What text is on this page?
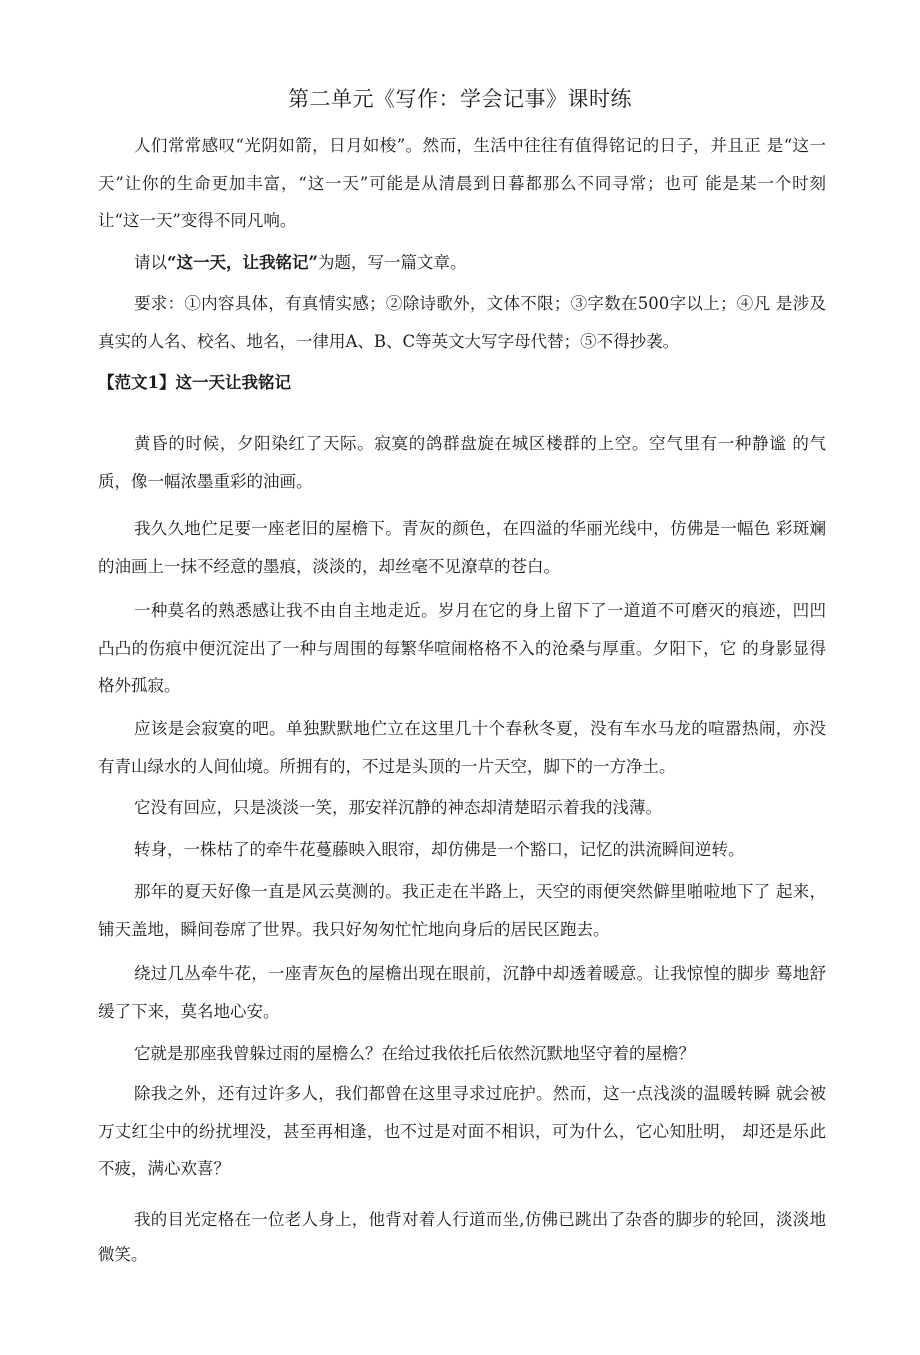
第二单元《写作：学会记事》课时练

人们常常感叹“光阴如箭，日月如梭”。然而，生活中往往有值得铭记的日子，并且正 是“这一天”让你的生命更加丰富，“这一天”可能是从清晨到日暮都那么不同寻常；也可 能是某一个时刻让“这一天”变得不同凡响。

请以“这一天，让我铭记”为题，写一篇文章。

要求：①内容具体，有真情实感；②除诗歌外，文体不限；③字数在500字以上；④凡 是涉及真实的人名、校名、地名，一律用A、B、C等英文大写字母代替；⑤不得抄袭。

【范文1】这一天让我铭记

黄昏的时候，夕阳染红了天际。寂寞的鸽群盘旋在城区楼群的上空。空气里有一种静谧 的气质，像一幅浓墨重彩的油画。

我久久地伫足要一座老旧的屋檐下。青灰的颜色，在四溢的华丽光线中，仿佛是一幅色 彩斑斓的油画上一抹不经意的墨痕，淡淡的，却丝毫不见潦草的苍白。

一种莫名的熟悉感让我不由自主地走近。岁月在它的身上留下了一道道不可磨灭的痕迹，凹凹凸凸的伤痕中便沉淀出了一种与周围的每繁华喧闹格格不入的沧桑与厚重。夕阳下，它 的身影显得格外孤寂。

应该是会寂寞的吧。单独默默地伫立在这里几十个春秋冬夏，没有车水马龙的喧嚣热闹，亦没有青山绿水的人间仙境。所拥有的，不过是头顶的一片天空，脚下的一方净土。

它没有回应，只是淡淡一笑，那安祥沉静的神态却清楚昭示着我的浅薄。

转身，一株枯了的牵牛花蔓藤映入眼帘，却仿佛是一个豁口，记忆的洪流瞬间逆转。

那年的夏天好像一直是风云莫测的。我正走在半路上，天空的雨便突然僻里啪啦地下了 起来，铺天盖地，瞬间卷席了世界。我只好匆匆忙忙地向身后的居民区跑去。

绕过几丛牵牛花，一座青灰色的屋檐出现在眼前，沉静中却透着暖意。让我惊惶的脚步 蓦地舒缓了下来，莫名地心安。

它就是那座我曾躲过雨的屋檐么？在给过我依托后依然沉默地坚守着的屋檐？

除我之外，还有过许多人，我们都曾在这里寻求过庇护。然而，这一点浅淡的温暖转瞬 就会被万丈红尘中的纷扰埋没，甚至再相逢，也不过是对面不相识，可为什么，它心知肚明， 却还是乐此不疲，满心欢喜？

我的目光定格在一位老人身上，他背对着人行道而坐,仿佛已跳出了杂沓的脚步的轮回，淡淡地微笑。
